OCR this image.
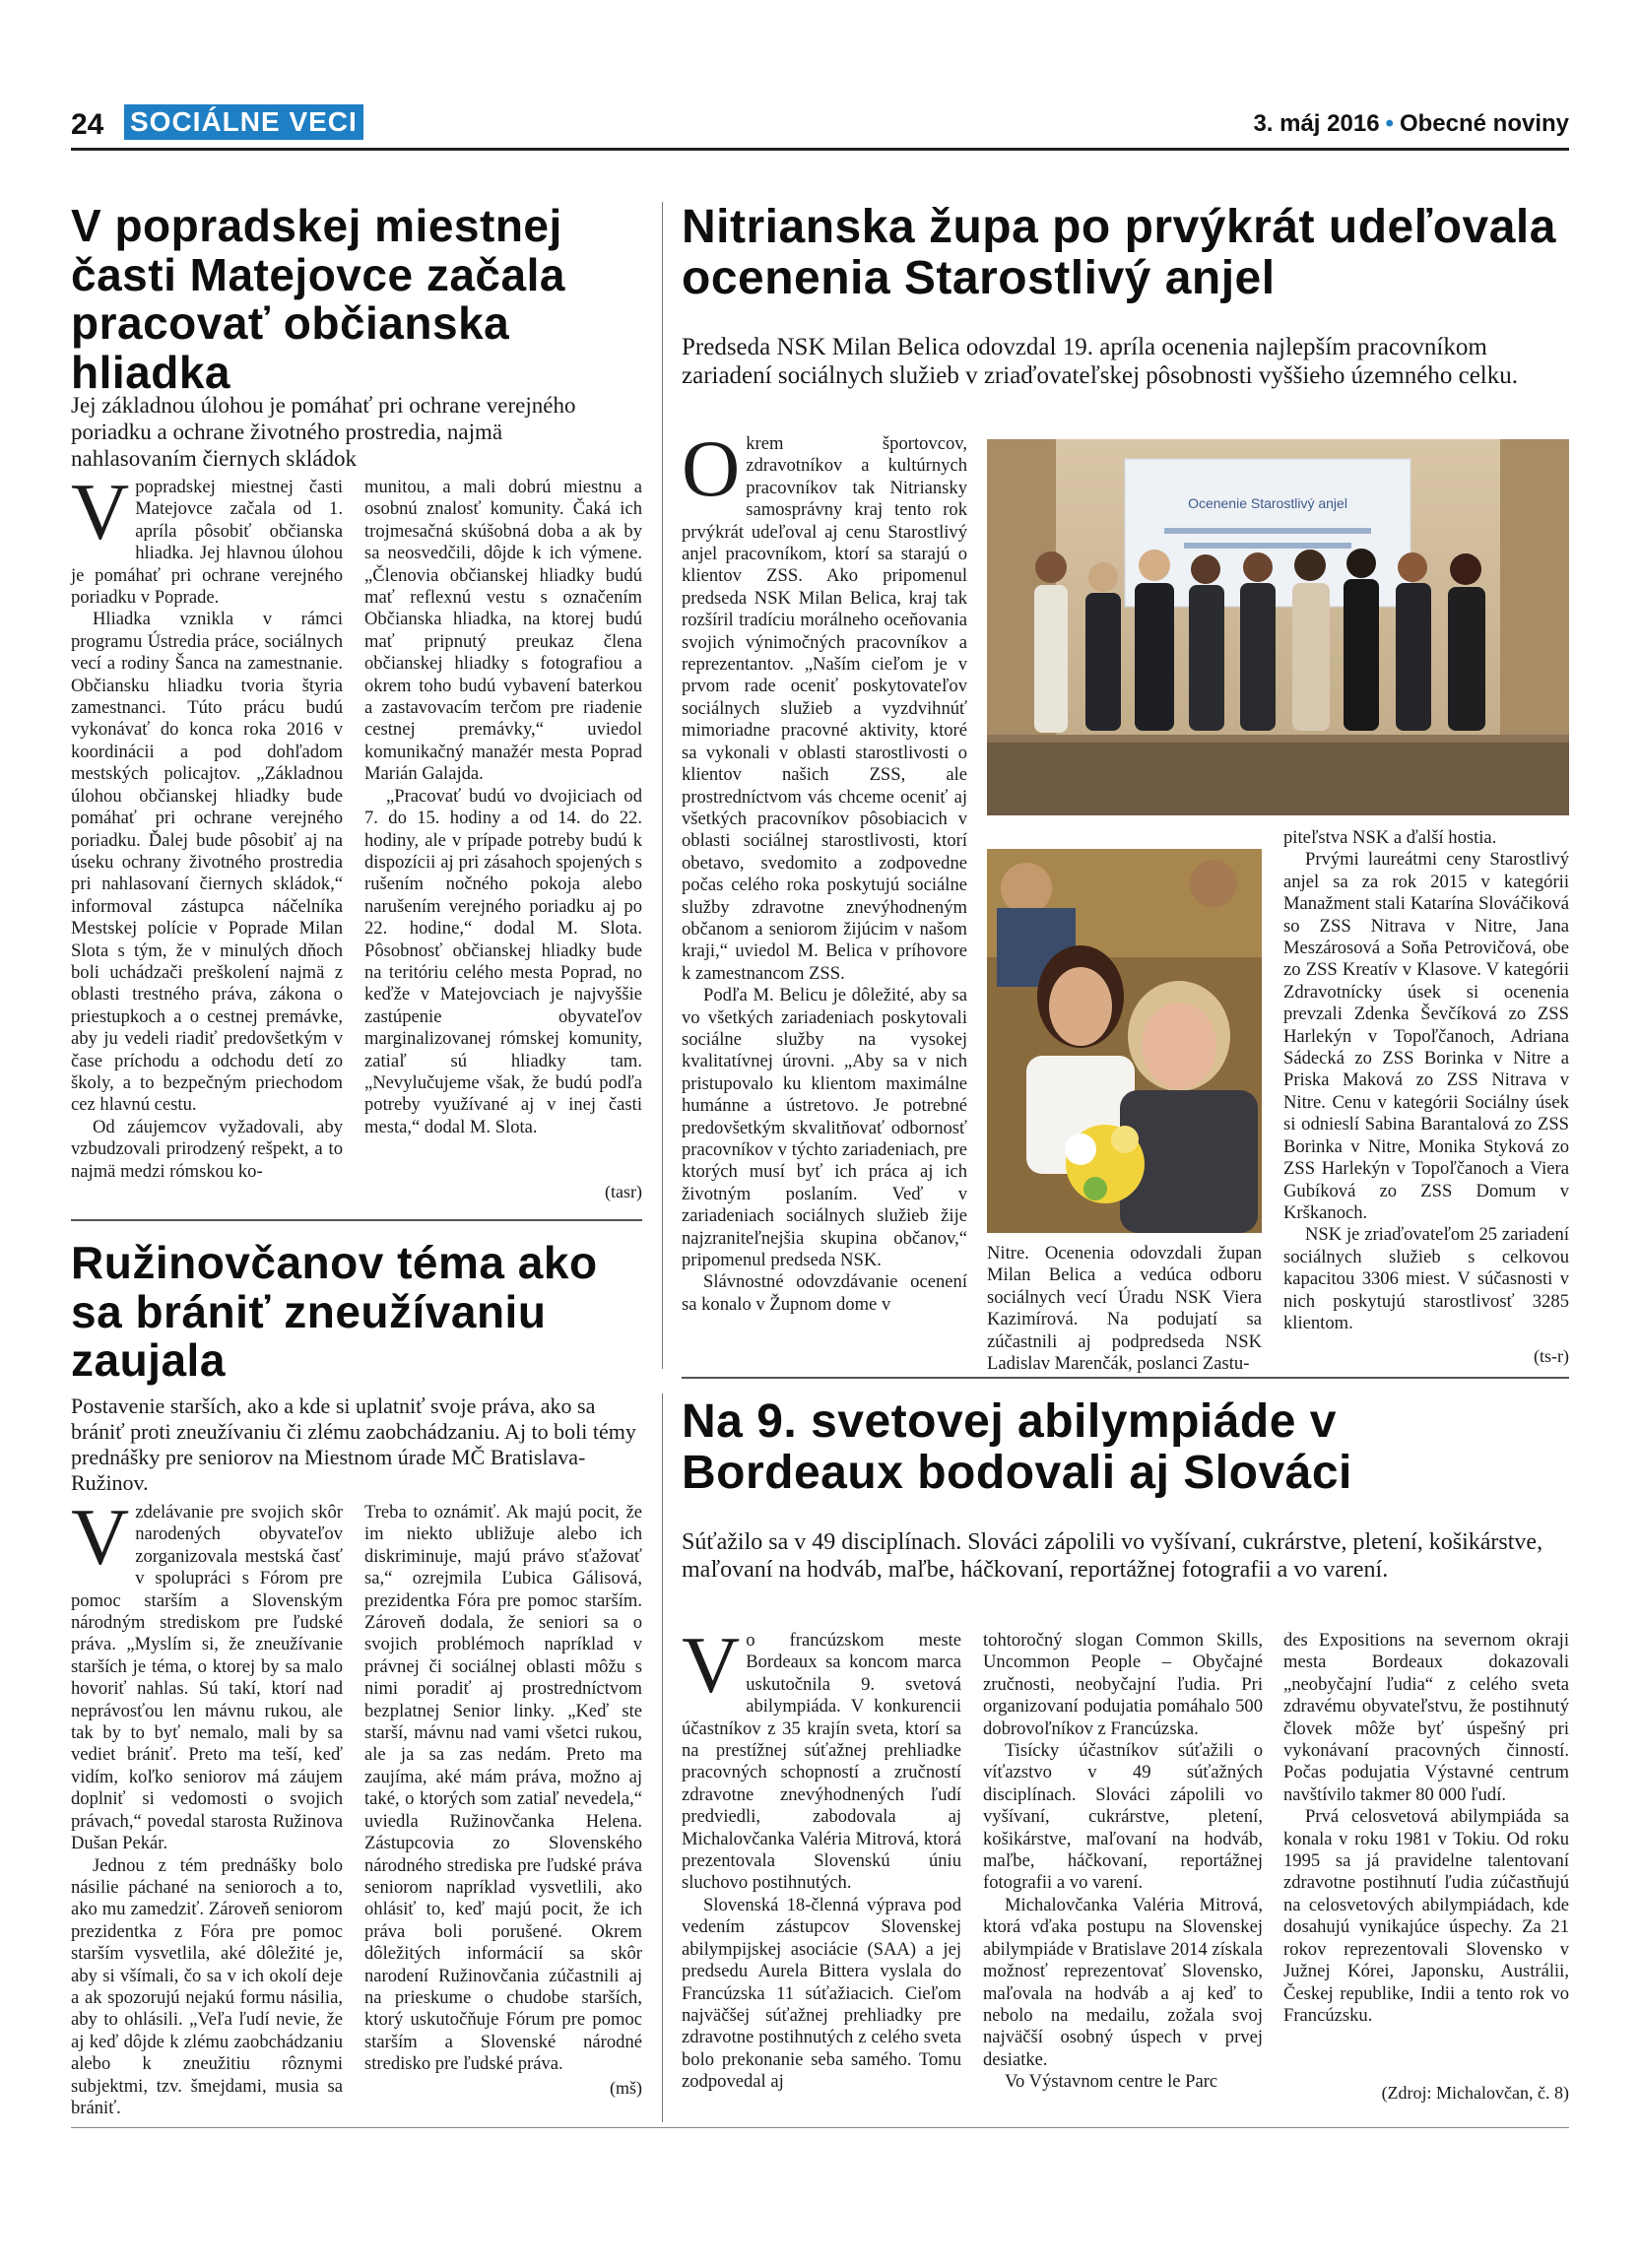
24 SOCIÁLNE VECI	3. máj 2016 • Obecné noviny
V popradskej miestnej časti Matejovce začala pracovať občianska hliadka
Jej základnou úlohou je pomáhať pri ochrane verejného poriadku a ochrane životného prostredia, najmä nahlasovaním čiernych skládok

Vpopradskej miestnej časti Matejovce začala od 1. apríla pôsobiť občianska hliadka. Jej hlavnou úlohou je pomáhať pri ochrane verejného poriadku v Poprade.

Hliadka vznikla v rámci programu Ústredia práce, sociálnych vecí a rodiny Šanca na zamestnanie. Občiansku hliadku tvoria štyria zamestnanci. Túto prácu budú vykonávať do konca roka 2016 v koordinácii a pod dohľadom mestských policajtov. „Základnou úlohou občianskej hliadky bude pomáhať pri ochrane verejného poriadku. Ďalej bude pôsobiť aj na úseku ochrany životného prostredia pri nahlasovaní čiernych skládok,“ informoval zástupca náčelníka Mestskej polície v Poprade Milan Slota s tým, že v minulých dňoch boli uchádzači preškolení najmä z oblasti trestného práva, zákona o priestupkoch a o cestnej premávke, aby ju vedeli riadiť predovšetkým v čase príchodu a odchodu detí zo školy, a to bezpečným priechodom cez hlavnú cestu.

Od záujemcov vyžadovali, aby vzbudzovali prirodzený rešpekt, a to najmä medzi rómskou ko-

munitou, a mali dobrú miestnu a osobnú znalosť komunity. Čaká ich trojmesačná skúšobná doba a ak by sa neosvedčili, dôjde k ich výmene. „Členovia občianskej hliadky budú mať reflexnú vestu s označením Občianska hliadka, na ktorej budú mať pripnutý preukaz člena občianskej hliadky s fotografiou a okrem toho budú vybavení baterkou a zastavovacím terčom pre riadenie cestnej premávky,“ uviedol komunikačný manažér mesta Poprad Marián Galajda.

„Pracovať budú vo dvojiciach od 7. do 15. hodiny a od 14. do 22. hodiny, ale v prípade potreby budú k dispozícii aj pri zásahoch spojených s rušením nočného pokoja alebo narušením verejného poriadku aj po 22. hodine,“ dodal M. Slota. Pôsobnosť občianskej hliadky bude na teritóriu celého mesta Poprad, no keďže v Matejovciach je najvyššie zastúpenie obyvateľov marginalizovanej rómskej komunity, zatiaľ sú hliadky tam. „Nevylučujeme však, že budú podľa potreby využívané aj v inej časti mesta,“ dodal M. Slota.

(tasr)
Ružinovčanov téma ako sa brániť zneužívaniu zaujala
Postavenie starších, ako a kde si uplatniť svoje práva, ako sa brániť proti zneužívaniu či zlému zaobchádzaniu. Aj to boli témy prednášky pre seniorov na Miestnom úrade MČ Bratislava-Ružinov.

Vzdelávanie pre svojich skôr narodených obyvateľov zorganizovala mestská časť v spolupráci s Fórom pre pomoc starším a Slovenským národným strediskom pre ľudské práva. „Myslím si, že zneužívanie starších je téma, o ktorej by sa malo hovoriť nahlas. Sú takí, ktorí nad neprávosťou len mávnu rukou, ale tak by to byť nemalo, mali by sa vediet brániť. Preto ma teší, keď vidím, koľko seniorov má záujem doplniť si vedomosti o svojich právach,“ povedal starosta Ružinova Dušan Pekár.

Jednou z tém prednášky bolo násilie páchané na senioroch a to, ako mu zamedziť. Zároveň seniorom prezidentka z Fóra pre pomoc starším vysvetlila, aké dôležité je, aby si všímali, čo sa v ich okolí deje a ak spozorujú nejakú formu násilia, aby to ohlásili. „Veľa ľudí nevie, že aj keď dôjde k zlému zaobchádzaniu alebo k zneužitiu rôznymi subjektmi, tzv. šmejdami, musia sa brániť.

Treba to oznámiť. Ak majú pocit, že im niekto ubližuje alebo ich diskriminuje, majú právo sťažovať sa,“ ozrejmila Ľubica Gálisová, prezidentka Fóra pre pomoc starším. Zároveň dodala, že seniori sa o svojich problémoch napríklad v právnej či sociálnej oblasti môžu s nimi poradiť aj prostredníctvom bezplatnej Senior linky. „Keď ste starší, mávnu nad vami všetci rukou, ale ja sa zas nedám. Preto ma zaujíma, aké mám práva, možno aj také, o ktorých som zatiaľ nevedela,“ uviedla Ružinovčanka Helena. Zástupcovia zo Slovenského národného strediska pre ľudské práva seniorom napríklad vysvetlili, ako ohlásiť to, keď majú pocit, že ich práva boli porušené. Okrem dôležitých informácií sa skôr narodení Ružinovčania zúčastnili aj na prieskume o chudobe starších, ktorý uskutočňuje Fórum pre pomoc starším a Slovenské národné stredisko pre ľudské práva.

(mš)
Nitrianska župa po prvýkrát udeľovala ocenenia Starostlivý anjel
Predseda NSK Milan Belica odovzdal 19. apríla ocenenia najlepším pracovníkom zariadení sociálnych služieb v zriaďovateľskej pôsobnosti vyššieho územného celku.

Okrem športovcov, zdravotníkov a kultúrnych pracovníkov tak Nitriansky samosprávny kraj tento rok prvýkrát udeľoval aj cenu Starostlivý anjel pracovníkom, ktorí sa starajú o klientov ZSS. Ako pripomenul predseda NSK Milan Belica, kraj tak rozšíril tradíciu morálneho oceňovania svojich výnimočných pracovníkov a reprezentantov. „Naším cieľom je v prvom rade oceniť poskytovateľov sociálnych služieb a vyzdvihnúť mimoriadne pracovné aktivity, ktoré sa vykonali v oblasti starostlivosti o klientov našich ZSS, ale prostredníctvom vás chceme oceniť aj všetkých pracovníkov pôsobiacich v oblasti sociálnej starostlivosti, ktorí obetavo, svedomito a zodpovedne počas celého roka poskytujú sociálne služby zdravotne znevýhodneným občanom a seniorom žijúcim v našom kraji,“ uviedol M. Belica v príhovore k zamestnancom ZSS.

Podľa M. Belicu je dôležité, aby sa vo všetkých zariadeniach poskytovali sociálne služby na vysokej kvalitatívnej úrovni. „Aby sa v nich pristupovalo ku klientom maximálne humánne a ústretovo. Je potrebné predovšetkým skvalitňovať odbornosť pracovníkov v týchto zariadeniach, pre ktorých musí byť ich práca aj ich životným poslaním. Veď v zariadeniach sociálnych služieb žije najzraniteľnejšia skupina občanov,“ pripomenul predseda NSK.

Slávnostné odovzdávanie ocenení sa konalo v Župnom dome v

Ocenenie Starostlivý anjel

Nitre. Ocenenia odovzdali župan Milan Belica a vedúca odboru sociálnych vecí Úradu NSK Viera Kazimírová. Na podujatí sa zúčastnili aj podpredseda NSK Ladislav Marenčák, poslanci Zastu-

piteľstva NSK a ďalší hostia.

Prvými laureátmi ceny Starostlivý anjel sa za rok 2015 v kategórii Manažment stali Katarína Slováčiková so ZSS Nitrava v Nitre, Jana Meszárosová a Soňa Petrovičová, obe zo ZSS Kreatív v Klasove. V kategórii Zdravotnícky úsek si ocenenia prevzali Zdenka Ševčíková zo ZSS Harlekýn v Topoľčanoch, Adriana Sádecká zo ZSS Borinka v Nitre a Priska Maková zo ZSS Nitrava v Nitre. Cenu v kategórii Sociálny úsek si odnieslí Sabina Barantalová zo ZSS Borinka v Nitre, Monika Styková zo ZSS Harlekýn v Topoľčanoch a Viera Gubíková zo ZSS Domum v Krškanoch.

NSK je zriaďovateľom 25 zariadení sociálnych služieb s celkovou kapacitou 3306 miest. V súčasnosti v nich poskytujú starostlivosť 3285 klientom.

(ts-r)
Na 9. svetovej abilympiáde v Bordeaux bodovali aj Slováci
Súťažilo sa v 49 disciplínach. Slováci zápolili vo vyšívaní, cukrárstve, pletení, košikárstve, maľovaní na hodváb, maľbe, háčkovaní, reportážnej fotografii a vo varení.

Vo francúzskom meste Bordeaux sa koncom marca uskutočnila 9. svetová abilympiáda. V konkurencii účastníkov z 35 krajín sveta, ktorí sa na prestížnej súťažnej prehliadke pracovných schopností a zručností zdravotne znevýhodnených ľudí predviedli, zabodovala aj Michalovčanka Valéria Mitrová, ktorá prezentovala Slovenskú úniu sluchovo postihnutých.

Slovenská 18-členná výprava pod vedením zástupcov Slovenskej abilympijskej asociácie (SAA) a jej predsedu Aurela Bittera vyslala do Francúzska 11 súťažiacich. Cieľom najväčšej súťažnej prehliadky pre zdravotne postihnutých z celého sveta bolo prekonanie seba samého. Tomu zodpovedal aj

tohtoročný slogan Common Skills, Uncommon People – Obyčajné zručnosti, neobyčajní ľudia. Pri organizovaní podujatia pomáhalo 500 dobrovoľníkov z Francúzska.

Tisícky účastníkov súťažili o víťazstvo v 49 súťažných disciplínach. Slováci zápolili vo vyšívaní, cukrárstve, pletení, košikárstve, maľovaní na hodváb, maľbe, háčkovaní, reportážnej fotografii a vo varení.

Michalovčanka Valéria Mitrová, ktorá vďaka postupu na Slovenskej abilympiáde v Bratislave 2014 získala možnosť reprezentovať Slovensko, maľovala na hodváb a aj keď to nebolo na medailu, zožala svoj najväčší osobný úspech v prvej desiatke.

Vo Výstavnom centre le Parc

des Expositions na severnom okraji mesta Bordeaux dokazovali „neobyčajní ľudia“ z celého sveta zdravému obyvateľstvu, že postihnutý človek môže byť úspešný pri vykonávaní pracovných činností. Počas podujatia Výstavné centrum navštívilo takmer 80 000 ľudí.

Prvá celosvetová abilympiáda sa konala v roku 1981 v Tokiu. Od roku 1995 sa já pravidelne talentovaní zdravotne postihnutí ľudia zúčastňujú na celosvetových abilympiádach, kde dosahujú vynikajúce úspechy. Za 21 rokov reprezentovali Slovensko v Južnej Kórei, Japonsku, Austrálii, Českej republike, Indii a tento rok vo Francúzsku.

(Zdroj: Michalovčan, č. 8)
